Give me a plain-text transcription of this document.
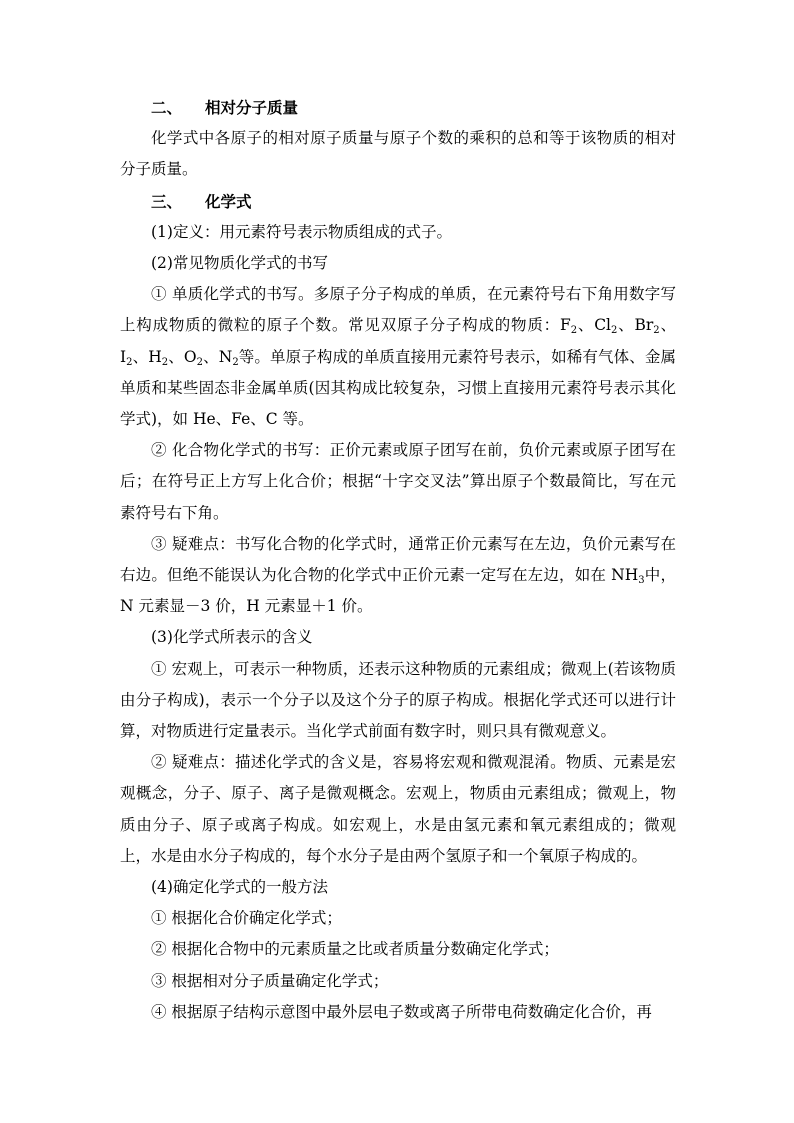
二、 相对分子质量

化学式中各原子的相对原子质量与原子个数的乘积的总和等于该物质的相对分子质量。

三、 化学式

(1)定义：用元素符号表示物质组成的式子。

(2)常见物质化学式的书写

① 单质化学式的书写。多原子分子构成的单质，在元素符号右下角用数字写上构成物质的微粒的原子个数。常见双原子分子构成的物质：$F_2$、$Cl_2$、$Br_2$、$I_2$、$H_2$、$O_2$、$N_2$等。单原子构成的单质直接用元素符号表示，如稀有气体、金属单质和某些固态非金属单质(因其构成比较复杂，习惯上直接用元素符号表示其化学式)，如 He、Fe、C 等。

② 化合物化学式的书写：正价元素或原子团写在前，负价元素或原子团写在后；在符号正上方写上化合价；根据“十字交叉法”算出原子个数最简比，写在元素符号右下角。

③ 疑难点：书写化合物的化学式时，通常正价元素写在左边，负价元素写在右边。但绝不能误认为化合物的化学式中正价元素一定写在左边，如在 $NH_3$中，N 元素显－3 价，H 元素显＋1 价。

(3)化学式所表示的含义

① 宏观上，可表示一种物质，还表示这种物质的元素组成；微观上(若该物质由分子构成)，表示一个分子以及这个分子的原子构成。根据化学式还可以进行计算，对物质进行定量表示。当化学式前面有数字时，则只具有微观意义。

② 疑难点：描述化学式的含义是，容易将宏观和微观混淆。物质、元素是宏观概念，分子、原子、离子是微观概念。宏观上，物质由元素组成；微观上，物质由分子、原子或离子构成。如宏观上，水是由氢元素和氧元素组成的；微观上，水是由水分子构成的，每个水分子是由两个氢原子和一个氧原子构成的。

(4)确定化学式的一般方法

① 根据化合价确定化学式；

② 根据化合物中的元素质量之比或者质量分数确定化学式；

③ 根据相对分子质量确定化学式；

④ 根据原子结构示意图中最外层电子数或离子所带电荷数确定化合价，再
